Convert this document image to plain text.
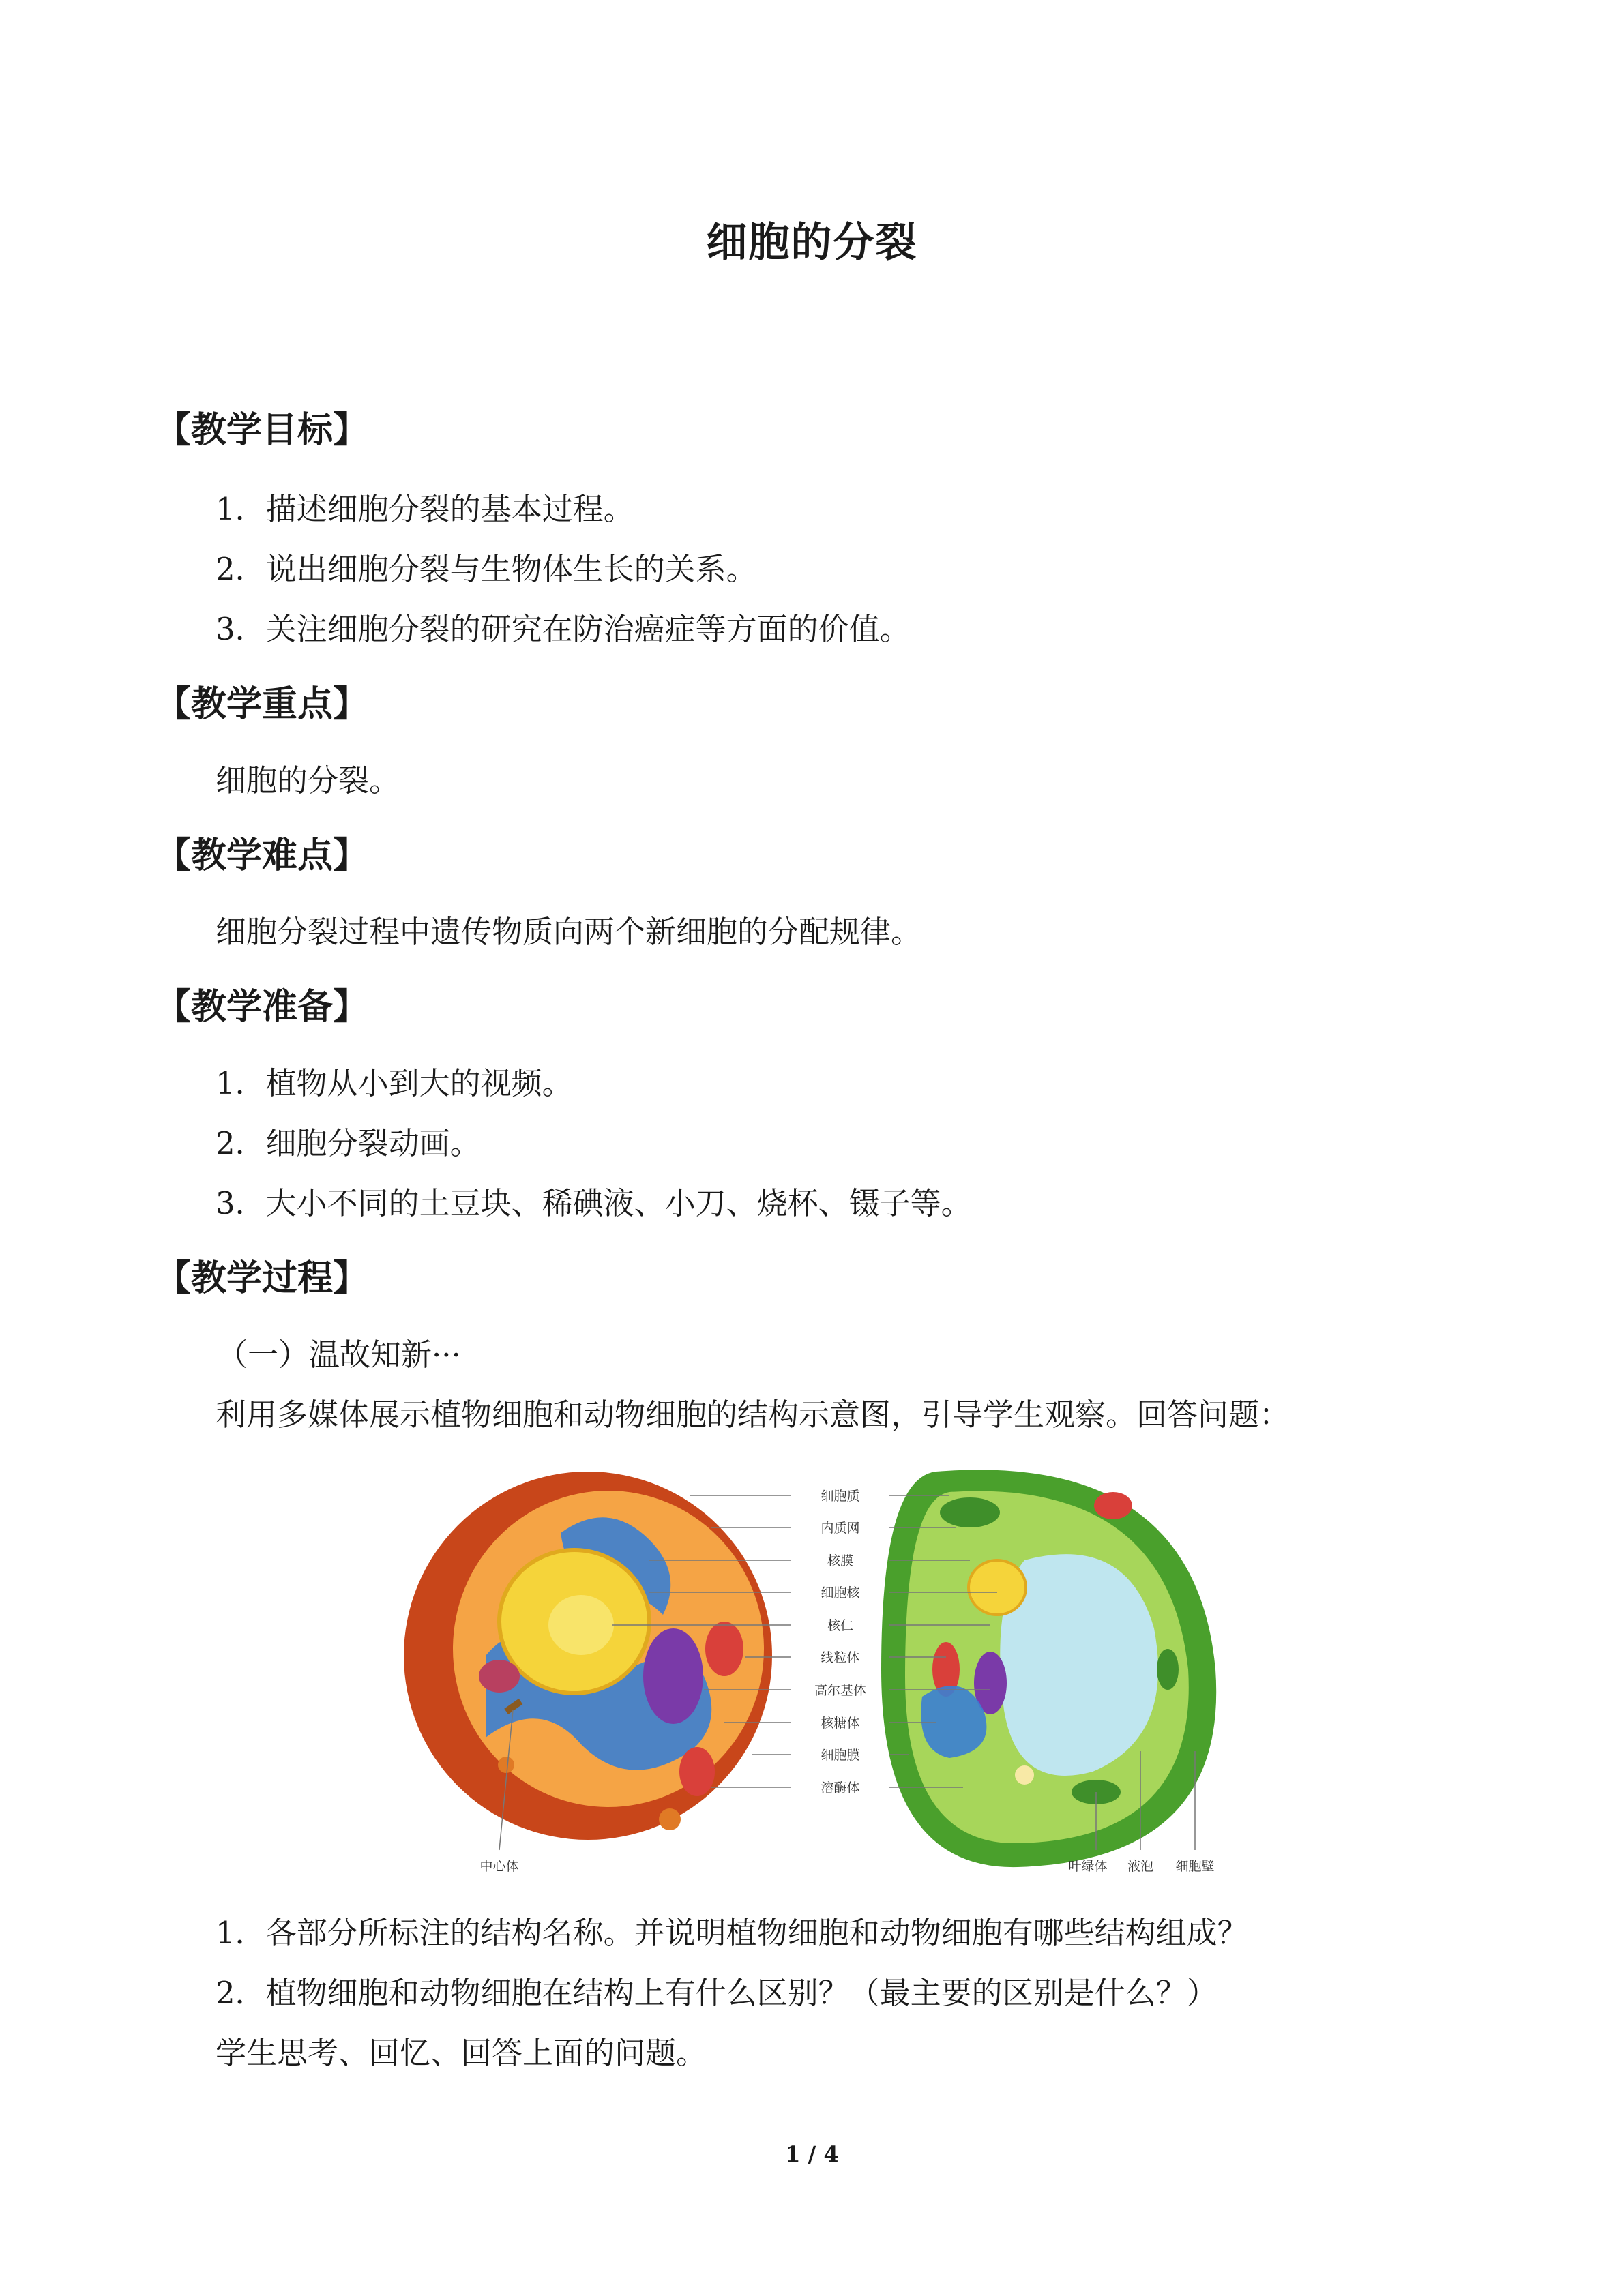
细胞的分裂
【教学目标】
1．描述细胞分裂的基本过程。
2．说出细胞分裂与生物体生长的关系。
3．关注细胞分裂的研究在防治癌症等方面的价值。
【教学重点】
细胞的分裂。
【教学难点】
细胞分裂过程中遗传物质向两个新细胞的分配规律。
【教学准备】
1．植物从小到大的视频。
2．细胞分裂动画。
3．大小不同的土豆块、稀碘液、小刀、烧杯、镊子等。
【教学过程】
（一）温故知新···
利用多媒体展示植物细胞和动物细胞的结构示意图，引导学生观察。回答问题：
细胞质
内质网
核膜
细胞核
核仁
线粒体
高尔基体
核糖体
细胞膜
溶酶体
中心体	叶绿体 液泡 细胞壁
1．各部分所标注的结构名称。并说明植物细胞和动物细胞有哪些结构组成？
2．植物细胞和动物细胞在结构上有什么区别？（最主要的区别是什么？）
学生思考、回忆、回答上面的问题。
1 / 4
